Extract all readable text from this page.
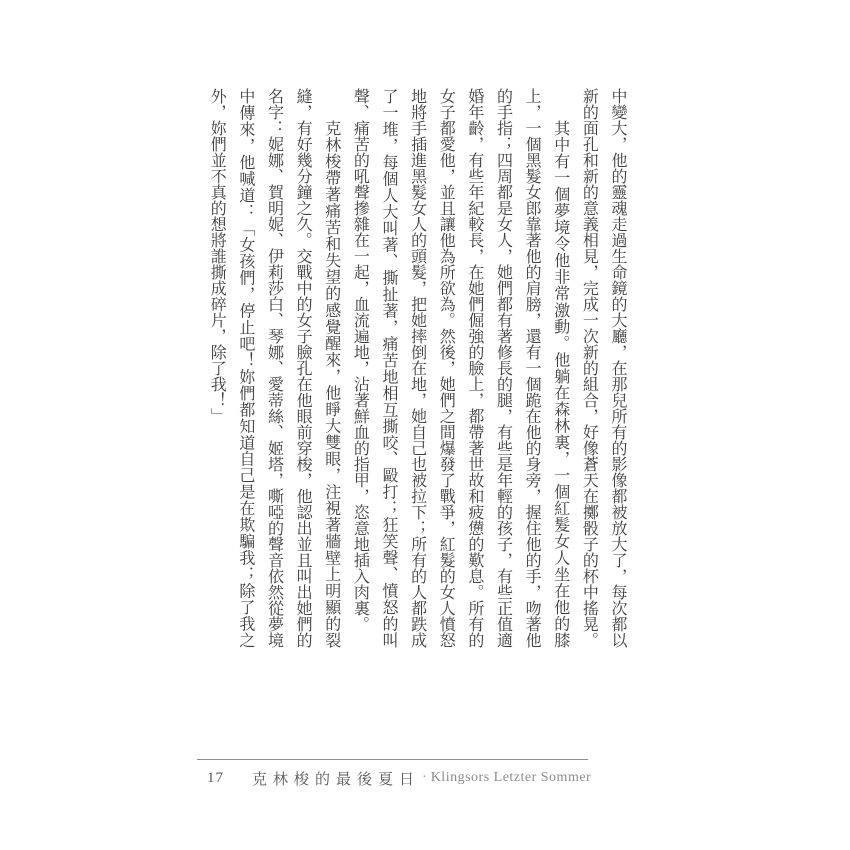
中變大，他的靈魂走過生命鏡的大廳，在那兒所有的影像都被放大了，每次都以新的面孔和新的意義相見，完成一次新的組合，好像蒼天在擲骰子的杯中搖晃。

其中有一個夢境令他非常激動。他躺在森林裏，一個紅髮女人坐在他的膝上，一個黑髮女郎靠著他的肩膀，還有一個跪在他的身旁，握住他的手，吻著他的手指；四周都是女人，她們都有著修長的腿，有些是年輕的孩子，有些正值適婚年齡，有些年紀較長，在她們倔強的臉上，都帶著世故和疲憊的歎息。所有的女子都愛他，並且讓他為所欲為。然後，她們之間爆發了戰爭，紅髮的女人憤怒地將手插進黑髮女人的頭髮，把她摔倒在地，她自己也被拉下；所有的人都跌成了一堆，每個人大叫著、撕扯著，痛苦地相互撕咬、毆打；狂笑聲、憤怒的叫聲、痛苦的吼聲摻雜在一起，血流遍地，沾著鮮血的指甲，恣意地插入肉裏。

克林梭帶著痛苦和失望的感覺醒來，他睜大雙眼，注視著牆壁上明顯的裂縫，有好幾分鐘之久。交戰中的女子臉孔在他眼前穿梭，他認出並且叫出她們的名字：妮娜、賀明妮、伊莉莎白、琴娜、愛蒂絲、姬塔，嘶啞的聲音依然從夢境中傳來，他喊道：「女孩們，停止吧！妳們都知道自己是在欺騙我；除了我之外，妳們並不真的想將誰撕成碎片，除了我！」

17 克林梭的最後夏日 · Klingsors Letzter Sommer
